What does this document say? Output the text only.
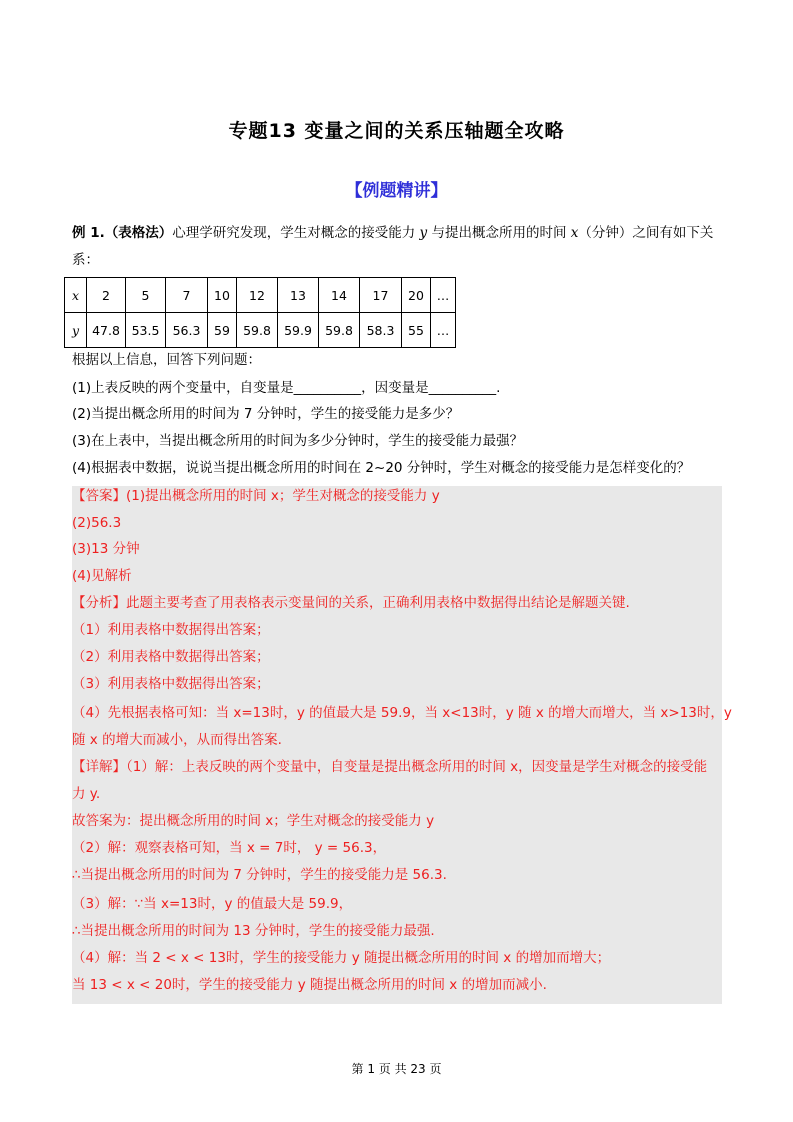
专题13 变量之间的关系压轴题全攻略
【例题精讲】
例 1.（表格法）心理学研究发现，学生对概念的接受能力 y 与提出概念所用的时间 x（分钟）之间有如下关系：
x	2	5	7	10	12	13	14	17	20	…
y	47.8	53.5	56.3	59	59.8	59.9	59.8	58.3	55	…
根据以上信息，回答下列问题：
(1)上表反映的两个变量中，自变量是__________，因变量是__________.
(2)当提出概念所用的时间为 7 分钟时，学生的接受能力是多少？
(3)在上表中，当提出概念所用的时间为多少分钟时，学生的接受能力最强？
(4)根据表中数据，说说当提出概念所用的时间在 2~20 分钟时，学生对概念的接受能力是怎样变化的？
【答案】(1)提出概念所用的时间 x；学生对概念的接受能力 y
(2)56.3
(3)13 分钟
(4)见解析
【分析】此题主要考查了用表格表示变量间的关系，正确利用表格中数据得出结论是解题关键.
（1）利用表格中数据得出答案；
（2）利用表格中数据得出答案；
（3）利用表格中数据得出答案；
（4）先根据表格可知：当 x=13时，y 的值最大是 59.9，当 x<13时，y 随 x 的增大而增大，当 x>13时，y
随 x 的增大而减小，从而得出答案.
【详解】（1）解：上表反映的两个变量中，自变量是提出概念所用的时间 x，因变量是学生对概念的接受能
力 y.
故答案为：提出概念所用的时间 x；学生对概念的接受能力 y
（2）解：观察表格可知，当 x = 7时， y = 56.3，
∴当提出概念所用的时间为 7 分钟时，学生的接受能力是 56.3.
（3）解：∵当 x=13时，y 的值最大是 59.9，
∴当提出概念所用的时间为 13 分钟时，学生的接受能力最强.
（4）解：当 2 < x < 13时，学生的接受能力 y 随提出概念所用的时间 x 的增加而增大；
当 13 < x < 20时，学生的接受能力 y 随提出概念所用的时间 x 的增加而减小.
第 1 页 共 23 页
